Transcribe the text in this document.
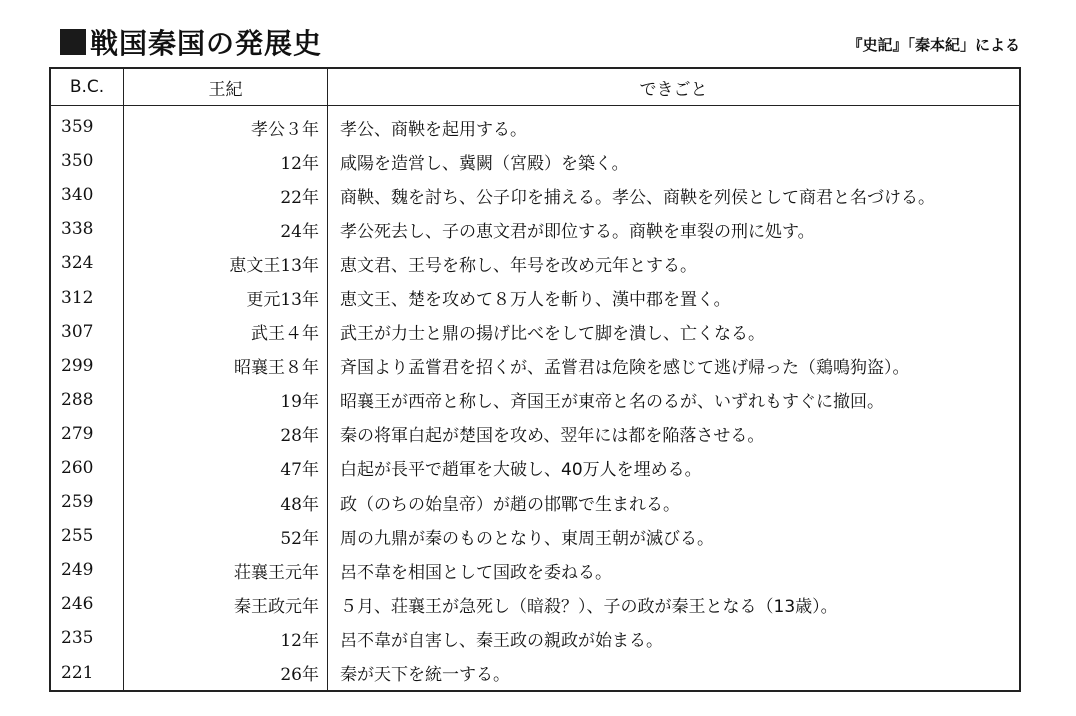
戦国秦国の発展史	『史記』「秦本紀」による
B.C.	王紀	できごと
359	孝公３年	孝公、商鞅を起用する。
350	12年	咸陽を造営し、冀闕（宮殿）を築く。
340	22年	商鞅、魏を討ち、公子卬を捕える。孝公、商鞅を列侯として商君と名づける。
338	24年	孝公死去し、子の恵文君が即位する。商鞅を車裂の刑に処す。
324	恵文王13年	恵文君、王号を称し、年号を改め元年とする。
312	更元13年	恵文王、楚を攻めて８万人を斬り、漢中郡を置く。
307	武王４年	武王が力士と鼎の揚げ比べをして脚を潰し、亡くなる。
299	昭襄王８年	斉国より孟嘗君を招くが、孟嘗君は危険を感じて逃げ帰った（鶏鳴狗盗）。
288	19年	昭襄王が西帝と称し、斉国王が東帝と名のるが、いずれもすぐに撤回。
279	28年	秦の将軍白起が楚国を攻め、翌年には都を陥落させる。
260	47年	白起が長平で趙軍を大破し、40万人を埋める。
259	48年	政（のちの始皇帝）が趙の邯鄲で生まれる。
255	52年	周の九鼎が秦のものとなり、東周王朝が滅びる。
249	荘襄王元年	呂不韋を相国として国政を委ねる。
246	秦王政元年	５月、荘襄王が急死し（暗殺？）、子の政が秦王となる（13歳）。
235	12年	呂不韋が自害し、秦王政の親政が始まる。
221	26年	秦が天下を統一する。
